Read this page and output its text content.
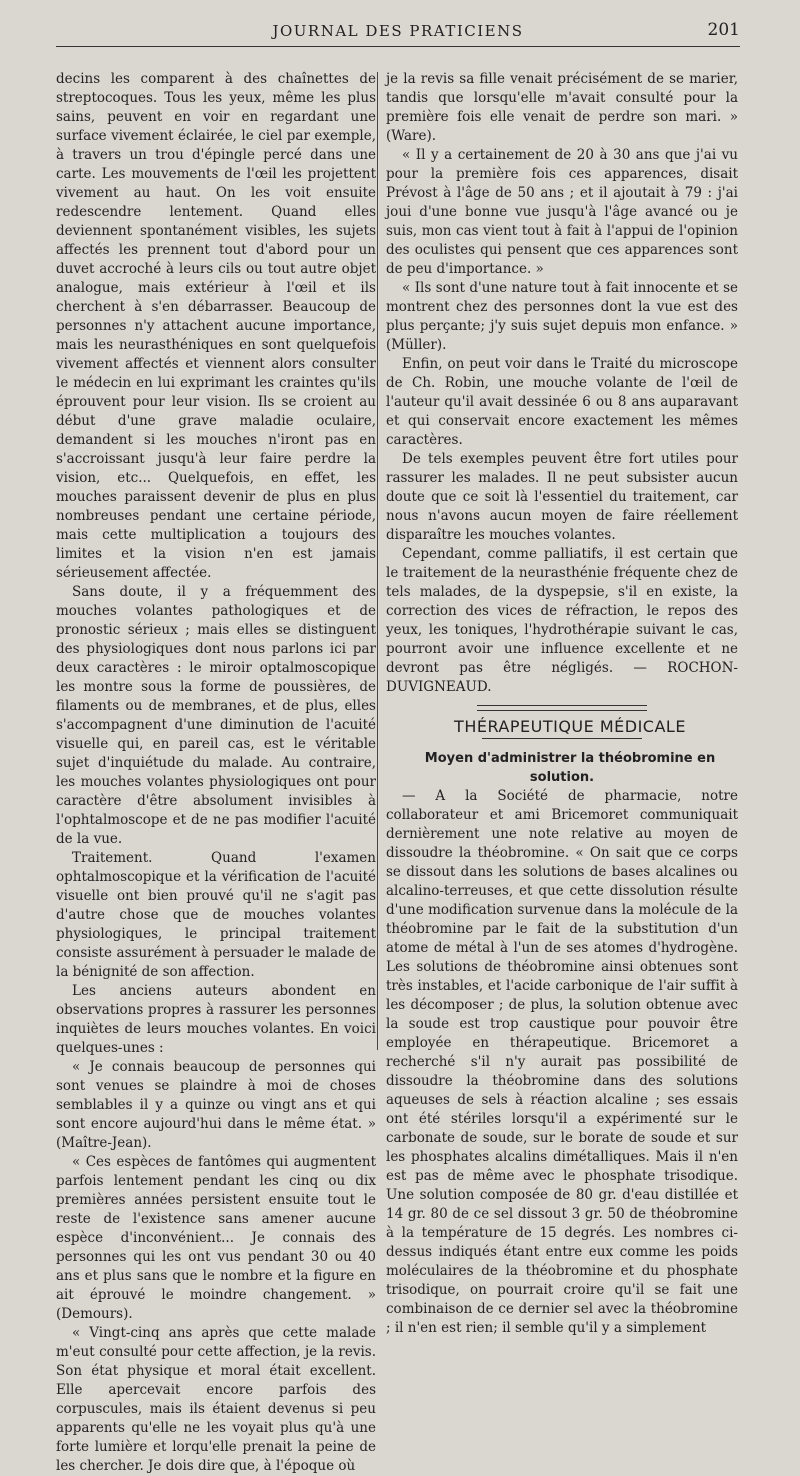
JOURNAL DES PRATICIENS	201

decins les comparent à des chaînettes de streptocoques. Tous les yeux, même les plus sains, peuvent en voir en regardant une surface vivement éclairée, le ciel par exemple, à travers un trou d'épingle percé dans une carte. Les mouvements de l'œil les projettent vivement au haut. On les voit ensuite redescendre lentement. Quand elles deviennent spontanément visibles, les sujets affectés les prennent tout d'abord pour un duvet accroché à leurs cils ou tout autre objet analogue, mais extérieur à l'œil et ils cherchent à s'en débarrasser. Beaucoup de personnes n'y attachent aucune importance, mais les neurasthéniques en sont quelquefois vivement affectés et viennent alors consulter le médecin en lui exprimant les craintes qu'ils éprouvent pour leur vision. Ils se croient au début d'une grave maladie oculaire, demandent si les mouches n'iront pas en s'accroissant jusqu'à leur faire perdre la vision, etc... Quelquefois, en effet, les mouches paraissent devenir de plus en plus nombreuses pendant une certaine période, mais cette multiplication a toujours des limites et la vision n'en est jamais sérieusement affectée.

Sans doute, il y a fréquemment des mouches volantes pathologiques et de pronostic sérieux ; mais elles se distinguent des physiologiques dont nous parlons ici par deux caractères : le miroir optalmoscopique les montre sous la forme de poussières, de filaments ou de membranes, et de plus, elles s'accompagnent d'une diminution de l'acuité visuelle qui, en pareil cas, est le véritable sujet d'inquiétude du malade. Au contraire, les mouches volantes physiologiques ont pour caractère d'être absolument invisibles à l'ophtalmoscope et de ne pas modifier l'acuité de la vue.

Traitement. Quand l'examen ophtalmoscopique et la vérification de l'acuité visuelle ont bien prouvé qu'il ne s'agit pas d'autre chose que de mouches volantes physiologiques, le principal traitement consiste assurément à persuader le malade de la bénignité de son affection.

Les anciens auteurs abondent en observations propres à rassurer les personnes inquiètes de leurs mouches volantes. En voici quelques-unes :

« Je connais beaucoup de personnes qui sont venues se plaindre à moi de choses semblables il y a quinze ou vingt ans et qui sont encore aujourd'hui dans le même état. » (Maître-Jean).

« Ces espèces de fantômes qui augmentent parfois lentement pendant les cinq ou dix premières années persistent ensuite tout le reste de l'existence sans amener aucune espèce d'inconvénient... Je connais des personnes qui les ont vus pendant 30 ou 40 ans et plus sans que le nombre et la figure en ait éprouvé le moindre changement. » (Demours).

« Vingt-cinq ans après que cette malade m'eut consulté pour cette affection, je la revis. Son état physique et moral était excellent. Elle apercevait encore parfois des corpuscules, mais ils étaient devenus si peu apparents qu'elle ne les voyait plus qu'à une forte lumière et lorqu'elle prenait la peine de les chercher. Je dois dire que, à l'époque où

je la revis sa fille venait précisément de se marier, tandis que lorsqu'elle m'avait consulté pour la première fois elle venait de perdre son mari. » (Ware).

« Il y a certainement de 20 à 30 ans que j'ai vu pour la première fois ces apparences, disait Prévost à l'âge de 50 ans ; et il ajoutait à 79 : j'ai joui d'une bonne vue jusqu'à l'âge avancé ou je suis, mon cas vient tout à fait à l'appui de l'opinion des oculistes qui pensent que ces apparences sont de peu d'importance. »

« Ils sont d'une nature tout à fait innocente et se montrent chez des personnes dont la vue est des plus perçante; j'y suis sujet depuis mon enfance. » (Müller).

Enfin, on peut voir dans le Traité du microscope de Ch. Robin, une mouche volante de l'œil de l'auteur qu'il avait dessinée 6 ou 8 ans auparavant et qui conservait encore exactement les mêmes caractères.

De tels exemples peuvent être fort utiles pour rassurer les malades. Il ne peut subsister aucun doute que ce soit là l'essentiel du traitement, car nous n'avons aucun moyen de faire réellement disparaître les mouches volantes.

Cependant, comme palliatifs, il est certain que le traitement de la neurasthénie fréquente chez de tels malades, de la dyspepsie, s'il en existe, la correction des vices de réfraction, le repos des yeux, les toniques, l'hydrothérapie suivant le cas, pourront avoir une influence excellente et ne devront pas être négligés. — ROCHON-DUVIGNEAUD.

THÉRAPEUTIQUE MÉDICALE

Moyen d'administrer la théobromine en solution.

— A la Société de pharmacie, notre collaborateur et ami Bricemoret communiquait dernièrement une note relative au moyen de dissoudre la théobromine. « On sait que ce corps se dissout dans les solutions de bases alcalines ou alcalino-terreuses, et que cette dissolution résulte d'une modification survenue dans la molécule de la théobromine par le fait de la substitution d'un atome de métal à l'un de ses atomes d'hydrogène. Les solutions de théobromine ainsi obtenues sont très instables, et l'acide carbonique de l'air suffit à les décomposer ; de plus, la solution obtenue avec la soude est trop caustique pour pouvoir être employée en thérapeutique. Bricemoret a recherché s'il n'y aurait pas possibilité de dissoudre la théobromine dans des solutions aqueuses de sels à réaction alcaline ; ses essais ont été stériles lorsqu'il a expérimenté sur le carbonate de soude, sur le borate de soude et sur les phosphates alcalins dimétalliques. Mais il n'en est pas de même avec le phosphate trisodique. Une solution composée de 80 gr. d'eau distillée et 14 gr. 80 de ce sel dissout 3 gr. 50 de théobromine à la température de 15 degrés. Les nombres ci-dessus indiqués étant entre eux comme les poids moléculaires de la théobromine et du phosphate trisodique, on pourrait croire qu'il se fait une combinaison de ce dernier sel avec la théobromine ; il n'en est rien; il semble qu'il y a simplement
